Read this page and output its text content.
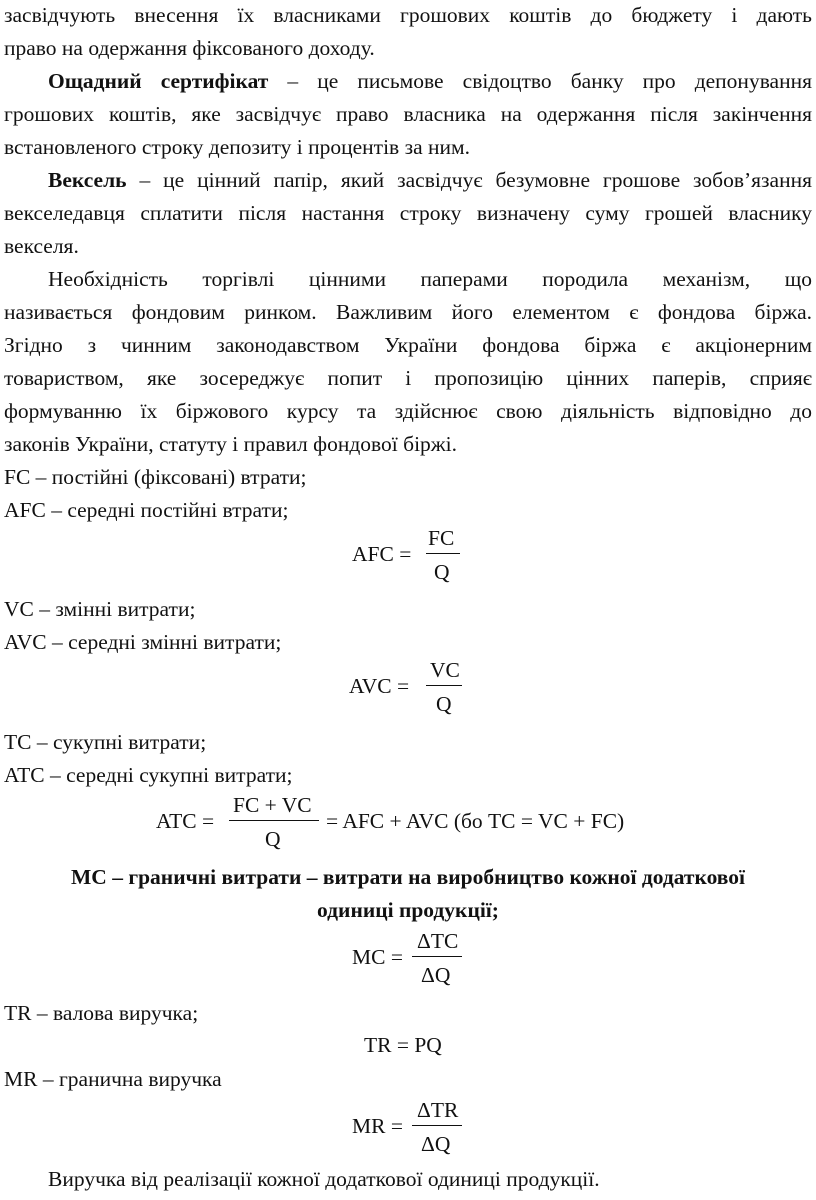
засвідчують внесення їх власниками грошових коштів до бюджету і дають
право на одержання фіксованого доходу.
Ощадний сертифікат – це письмове свідоцтво банку про депонування
грошових коштів, яке засвідчує право власника на одержання після закінчення
встановленого строку депозиту і процентів за ним.
Вексель – це цінний папір, який засвідчує безумовне грошове зобов’язання
векселедавця сплатити після настання строку визначену суму грошей власнику
векселя.
Необхідність торгівлі цінними паперами породила механізм, що
називається фондовим ринком. Важливим його елементом є фондова біржа.
Згідно з чинним законодавством України фондова біржа є акціонерним
товариством, яке зосереджує попит і пропозицію цінних паперів, сприяє
формуванню їх біржового курсу та здійснює свою діяльність відповідно до
законів України, статуту і правил фондової біржі.
FC – постійні (фіксовані) втрати;
AFC – середні постійні втрати;
AFC =
FC
Q
VC – змінні витрати;
AVC – середні змінні витрати;
AVC =
VC
Q
TC – сукупні витрати;
ATC – середні сукупні витрати;
ATC =
FC + VC
Q
= AFC + AVC (бо TC = VC + FC)
MC – граничні витрати – витрати на виробництво кожної додаткової
одиниці продукції;
MC =
ΔTC
ΔQ
TR – валова виручка;
TR = PQ
MR – гранична виручка
MR =
ΔTR
ΔQ
Виручка від реалізації кожної додаткової одиниці продукції.
